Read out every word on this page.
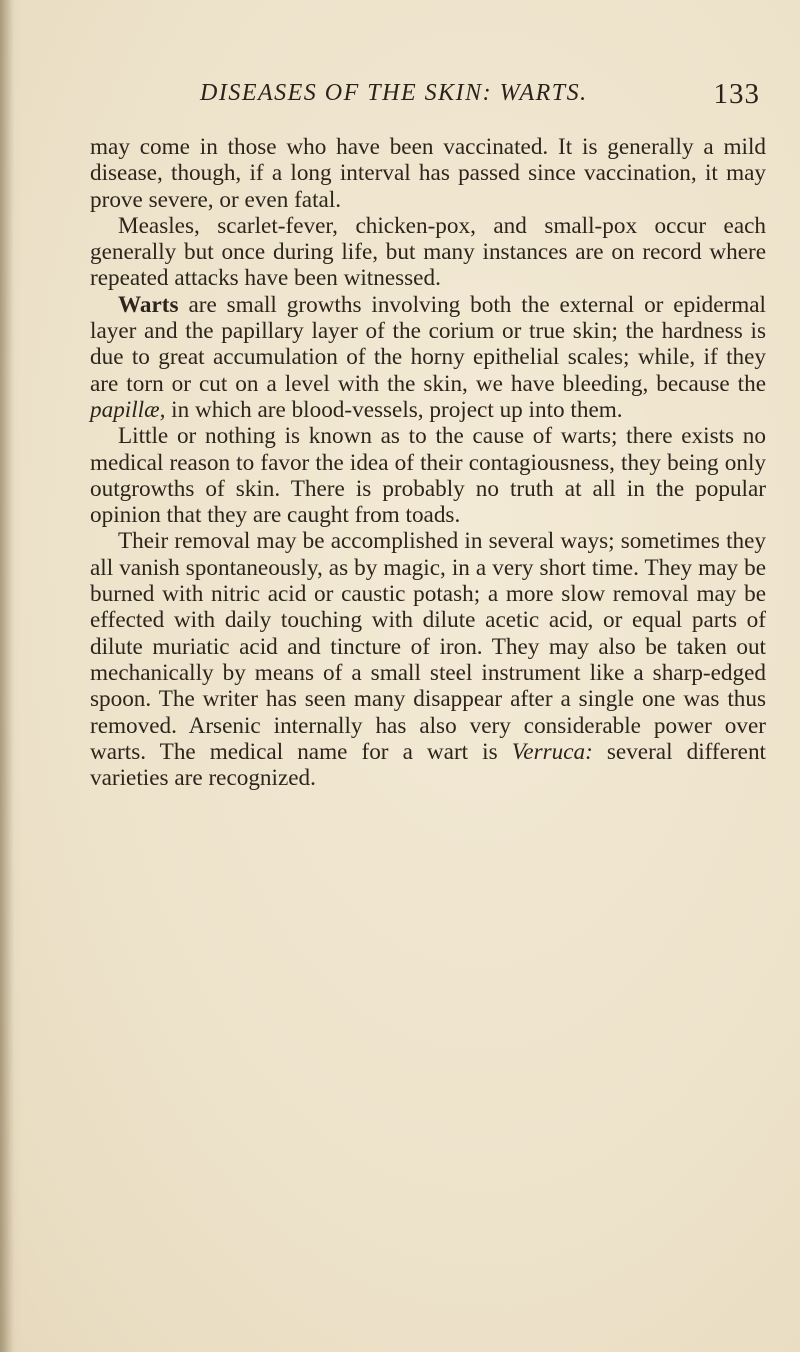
DISEASES OF THE SKIN: WARTS.	133

may come in those who have been vaccinated. It is generally a mild disease, though, if a long interval has passed since vaccination, it may prove severe, or even fatal.

Measles, scarlet-fever, chicken-pox, and small-pox occur each generally but once during life, but many instances are on record where repeated attacks have been witnessed.

Warts are small growths involving both the external or epidermal layer and the papillary layer of the corium or true skin; the hardness is due to great accumulation of the horny epithelial scales; while, if they are torn or cut on a level with the skin, we have bleeding, because the papillæ, in which are blood-vessels, project up into them.

Little or nothing is known as to the cause of warts; there exists no medical reason to favor the idea of their contagiousness, they being only outgrowths of skin. There is probably no truth at all in the popular opinion that they are caught from toads.

Their removal may be accomplished in several ways; sometimes they all vanish spontaneously, as by magic, in a very short time. They may be burned with nitric acid or caustic potash; a more slow removal may be effected with daily touching with dilute acetic acid, or equal parts of dilute muriatic acid and tincture of iron. They may also be taken out mechanically by means of a small steel instrument like a sharp-edged spoon. The writer has seen many disappear after a single one was thus removed. Arsenic internally has also very considerable power over warts. The medical name for a wart is Verruca: several different varieties are recognized.
